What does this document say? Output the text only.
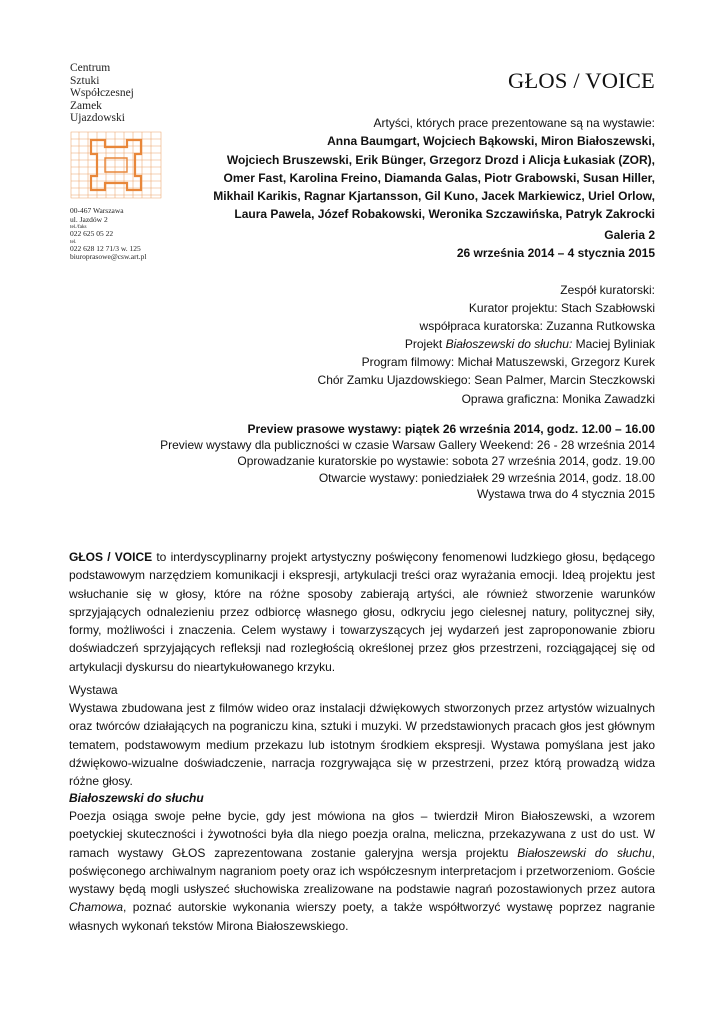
Centrum
Sztuki
Współczesnej
Zamek
Ujazdowski
00-467 Warszawa
ul. Jazdów 2
tel./faks
022 625 05 22
tel.
022 628 12 71/3 w. 125
biuroprasowe@csw.art.pl
GŁOS / VOICE
Artyści, których prace prezentowane są na wystawie:
Anna Baumgart, Wojciech Bąkowski, Miron Białoszewski,
Wojciech Bruszewski, Erik Bünger, Grzegorz Drozd i Alicja Łukasiak (ZOR),
Omer Fast, Karolina Freino, Diamanda Galas, Piotr Grabowski, Susan Hiller,
Mikhail Karikis, Ragnar Kjartansson, Gil Kuno, Jacek Markiewicz, Uriel Orlow,
Laura Pawela, Józef Robakowski, Weronika Szczawińska, Patryk Zakrocki
Galeria 2
26 września 2014 – 4 stycznia 2015
Zespół kuratorski:
Kurator projektu: Stach Szabłowski
współpraca kuratorska: Zuzanna Rutkowska
Projekt Białoszewski do słuchu: Maciej Byliniak
Program filmowy: Michał Matuszewski, Grzegorz Kurek
Chór Zamku Ujazdowskiego: Sean Palmer, Marcin Steczkowski
Oprawa graficzna: Monika Zawadzki
Preview prasowe wystawy: piątek 26 września 2014, godz. 12.00 – 16.00
Preview wystawy dla publiczności w czasie Warsaw Gallery Weekend: 26 - 28 września 2014
Oprowadzanie kuratorskie po wystawie: sobota 27 września 2014, godz. 19.00
Otwarcie wystawy: poniedziałek 29 września 2014, godz. 18.00
Wystawa trwa do 4 stycznia 2015

GŁOS / VOICE to interdyscyplinarny projekt artystyczny poświęcony fenomenowi ludzkiego głosu, będącego podstawowym narzędziem komunikacji i ekspresji, artykulacji treści oraz wyrażania emocji. Ideą projektu jest wsłuchanie się w głosy, które na różne sposoby zabierają artyści, ale również stworzenie warunków sprzyjających odnalezieniu przez odbiorcę własnego głosu, odkryciu jego cielesnej natury, politycznej siły, formy, możliwości i znaczenia. Celem wystawy i towarzyszących jej wydarzeń jest zaproponowanie zbioru doświadczeń sprzyjających refleksji nad rozległością określonej przez głos przestrzeni, rozciągającej się od artykulacji dyskursu do nieartykułowanego krzyku.

Wystawa

Wystawa zbudowana jest z filmów wideo oraz instalacji dźwiękowych stworzonych przez artystów wizualnych oraz twórców działających na pograniczu kina, sztuki i muzyki. W przedstawionych pracach głos jest głównym tematem, podstawowym medium przekazu lub istotnym środkiem ekspresji. Wystawa pomyślana jest jako dźwiękowo-wizualne doświadczenie, narracja rozgrywająca się w przestrzeni, przez którą prowadzą widza różne głosy.

Białoszewski do słuchu

Poezja osiąga swoje pełne bycie, gdy jest mówiona na głos – twierdził Miron Białoszewski, a wzorem poetyckiej skuteczności i żywotności była dla niego poezja oralna, meliczna, przekazywana z ust do ust. W ramach wystawy GŁOS zaprezentowana zostanie galeryjna wersja projektu Białoszewski do słuchu, poświęconego archiwalnym nagraniom poety oraz ich współczesnym interpretacjom i przetworzeniom. Goście wystawy będą mogli usłyszeć słuchowiska zrealizowane na podstawie nagrań pozostawionych przez autora Chamowa, poznać autorskie wykonania wierszy poety, a także współtworzyć wystawę poprzez nagranie własnych wykonań tekstów Mirona Białoszewskiego.
